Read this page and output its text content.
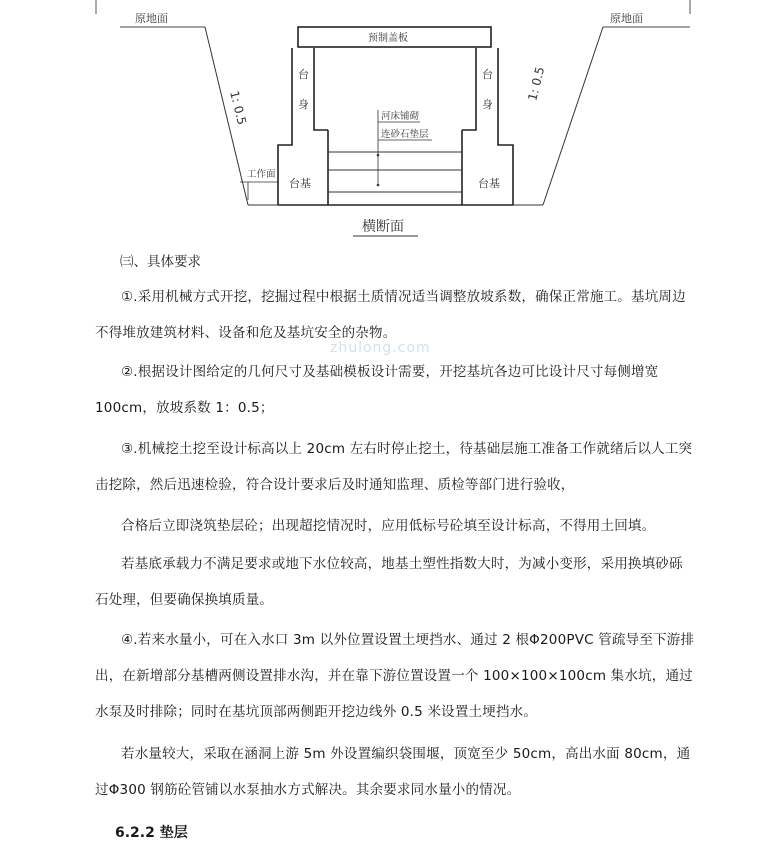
原地面	原地面
1: 0.5
1: 0.5
预制盖板
台
身
台
身
河床铺砌
连砂石垫层
工作面
台基	台基
横断面
㈢、具体要求

①.采用机械方式开挖，挖掘过程中根据土质情况适当调整放坡系数，确保正常施工。基坑周边不得堆放建筑材料、设备和危及基坑安全的杂物。

②.根据设计图给定的几何尺寸及基础模板设计需要，开挖基坑各边可比设计尺寸每侧增宽100cm，放坡系数 1：0.5；

③.机械挖土挖至设计标高以上 20cm 左右时停止挖土，待基础层施工准备工作就绪后以人工突击挖除，然后迅速检验，符合设计要求后及时通知监理、质检等部门进行验收，

合格后立即浇筑垫层砼；出现超挖情况时，应用低标号砼填至设计标高，不得用土回填。

若基底承载力不满足要求或地下水位较高，地基土塑性指数大时，为减小变形，采用换填砂砾石处理，但要确保换填质量。

④.若来水量小，可在入水口 3m 以外位置设置土埂挡水、通过 2 根Φ200PVC 管疏导至下游排出，在新增部分基槽两侧设置排水沟，并在靠下游位置设置一个 100×100×100cm 集水坑，通过水泵及时排除；同时在基坑顶部两侧距开挖边线外 0.5 米设置土埂挡水。

若水量较大，采取在涵洞上游 5m 外设置编织袋围堰，顶宽至少 50cm，高出水面 80cm，通过Φ300 钢筋砼管铺以水泵抽水方式解决。其余要求同水量小的情况。

6.2.2 垫层
zhulong.com
